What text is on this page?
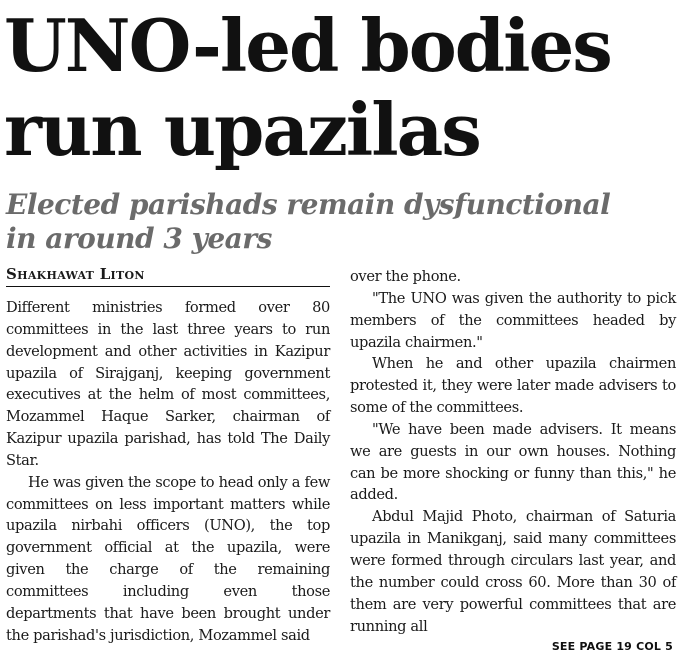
UNO-led bodies
run upazilas
Elected parishads remain dysfunctional
in around 3 years
Shakhawat Liton

Different ministries formed over 80 committees in the last three years to run development and other activities in Kazipur upazila of Sirajganj, keeping government executives at the helm of most committees, Mozammel Haque Sarker, chairman of Kazipur upazila parishad, has told The Daily Star.

He was given the scope to head only a few committees on less important matters while upazila nirbahi officers (UNO), the top government official at the upazila, were given the charge of the remaining committees including even those departments that have been brought under the parishad's jurisdiction, Mozammel said

over the phone.

"The UNO was given the authority to pick members of the committees headed by upazila chairmen."

When he and other upazila chairmen protested it, they were later made advisers to some of the committees.

"We have been made advisers. It means we are guests in our own houses. Nothing can be more shocking or funny than this," he added.

Abdul Majid Photo, chairman of Saturia upazila in Manikganj, said many committees were formed through circulars last year, and the number could cross 60. More than 30 of them are very powerful committees that are running all

SEE PAGE 19 COL 5
